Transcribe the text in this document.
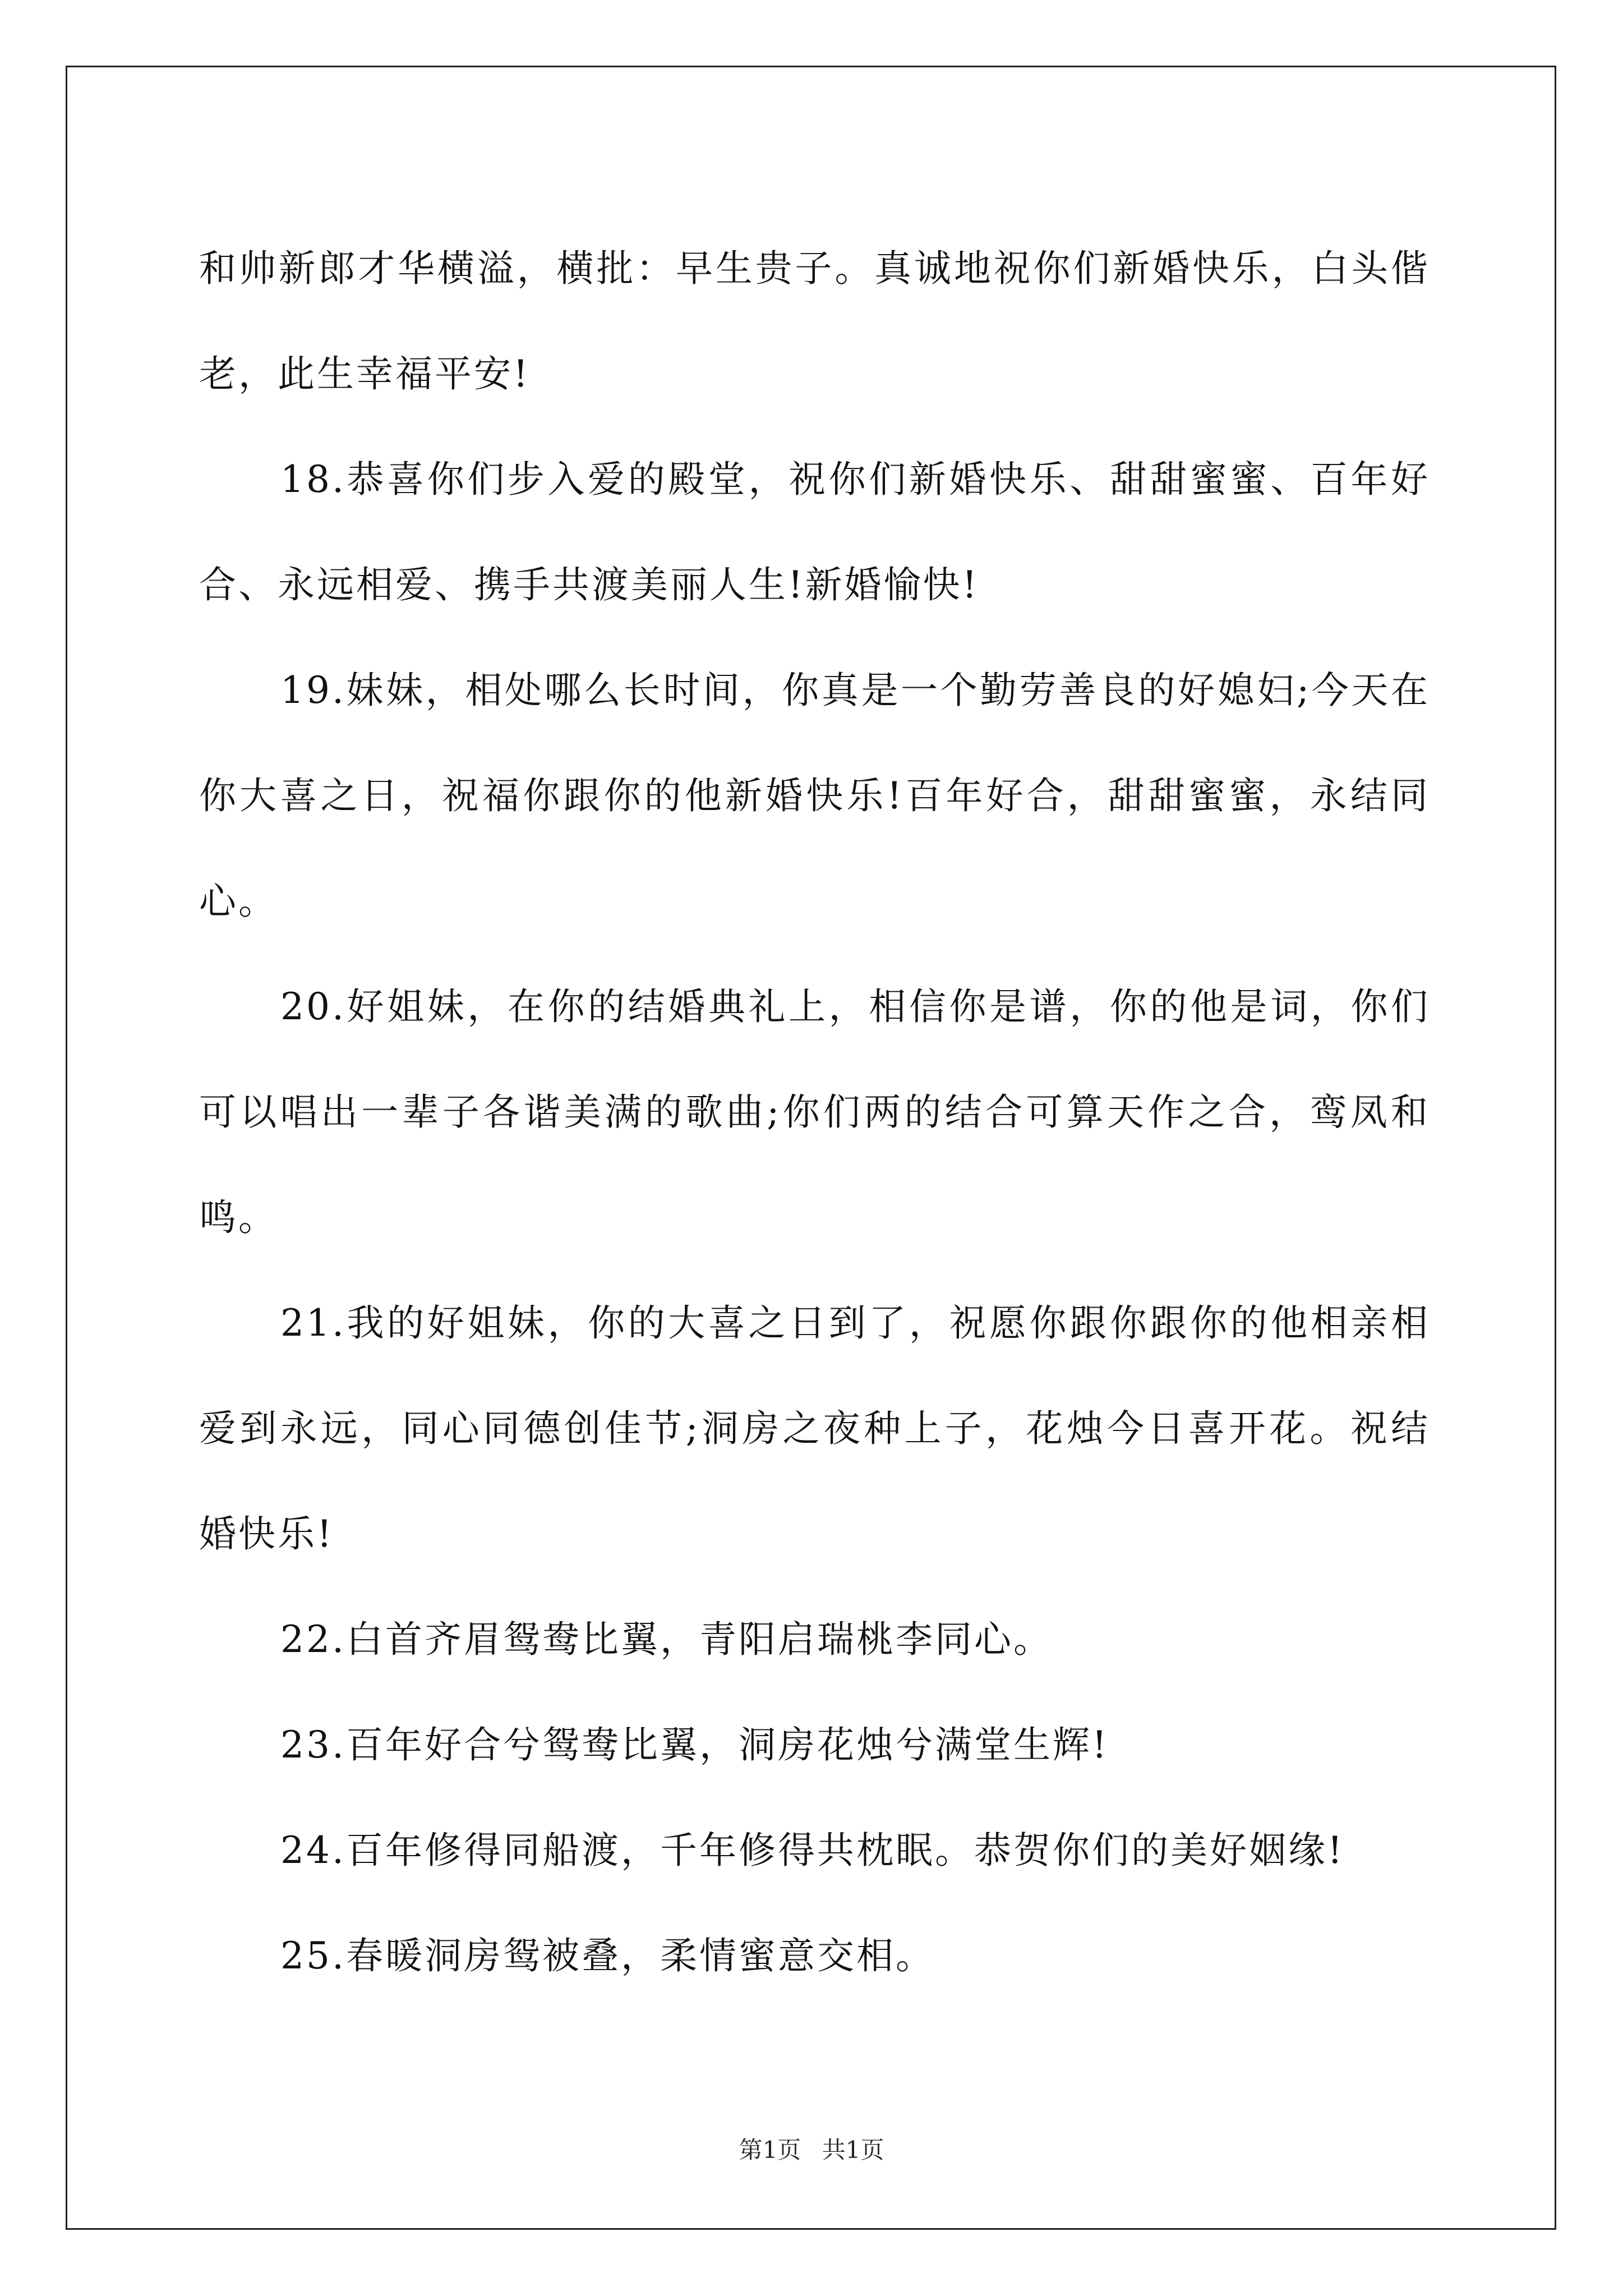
和帅新郎才华横溢，横批：早生贵子。真诚地祝你们新婚快乐，白头偕老，此生幸福平安!

18.恭喜你们步入爱的殿堂，祝你们新婚快乐、甜甜蜜蜜、百年好合、永远相爱、携手共渡美丽人生!新婚愉快!

19.妹妹，相处哪么长时间，你真是一个勤劳善良的好媳妇;今天在你大喜之日，祝福你跟你的他新婚快乐!百年好合，甜甜蜜蜜，永结同心。

20.好姐妹，在你的结婚典礼上，相信你是谱，你的他是词，你们可以唱出一辈子各谐美满的歌曲;你们两的结合可算天作之合，鸾凤和鸣。

21.我的好姐妹，你的大喜之日到了，祝愿你跟你跟你的他相亲相爱到永远，同心同德创佳节;洞房之夜种上子，花烛今日喜开花。祝结婚快乐!

22.白首齐眉鸳鸯比翼，青阳启瑞桃李同心。

23.百年好合兮鸳鸯比翼，洞房花烛兮满堂生辉!

24.百年修得同船渡，千年修得共枕眠。恭贺你们的美好姻缘!

25.春暖洞房鸳被叠，柔情蜜意交相。

第1页 共1页
